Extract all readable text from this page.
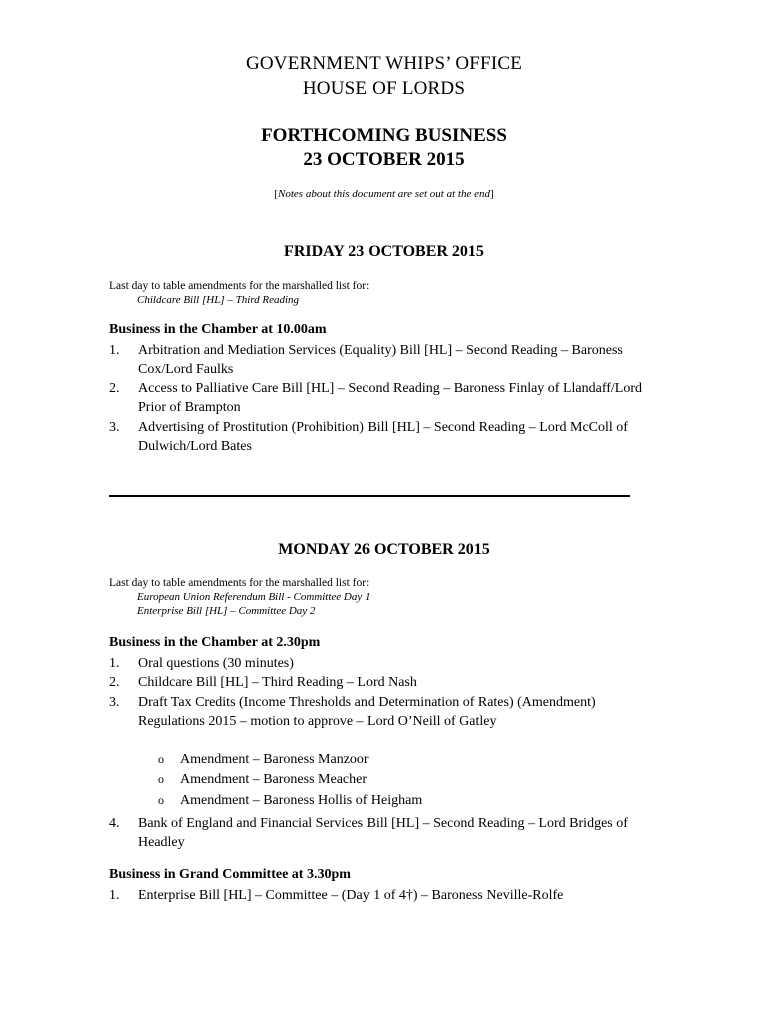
GOVERNMENT WHIPS’ OFFICE
HOUSE OF LORDS
FORTHCOMING BUSINESS
23 OCTOBER 2015
[Notes about this document are set out at the end]
FRIDAY 23 OCTOBER 2015
Last day to table amendments for the marshalled list for:
Childcare Bill [HL] – Third Reading
Business in the Chamber at 10.00am
1. Arbitration and Mediation Services (Equality) Bill [HL] – Second Reading – Baroness Cox/Lord Faulks
2. Access to Palliative Care Bill [HL] – Second Reading – Baroness Finlay of Llandaff/Lord Prior of Brampton
3. Advertising of Prostitution (Prohibition) Bill [HL] – Second Reading – Lord McColl of Dulwich/Lord Bates
MONDAY 26 OCTOBER 2015
Last day to table amendments for the marshalled list for:
European Union Referendum Bill - Committee Day 1
Enterprise Bill [HL] – Committee Day 2
Business in the Chamber at 2.30pm
1. Oral questions (30 minutes)
2. Childcare Bill [HL] – Third Reading – Lord Nash
3. Draft Tax Credits (Income Thresholds and Determination of Rates) (Amendment) Regulations 2015 – motion to approve – Lord O’Neill of Gatley
o Amendment – Baroness Manzoor
o Amendment – Baroness Meacher
o Amendment – Baroness Hollis of Heigham
4. Bank of England and Financial Services Bill [HL] – Second Reading – Lord Bridges of Headley
Business in Grand Committee at 3.30pm
1. Enterprise Bill [HL] – Committee – (Day 1 of 4†) – Baroness Neville-Rolfe
